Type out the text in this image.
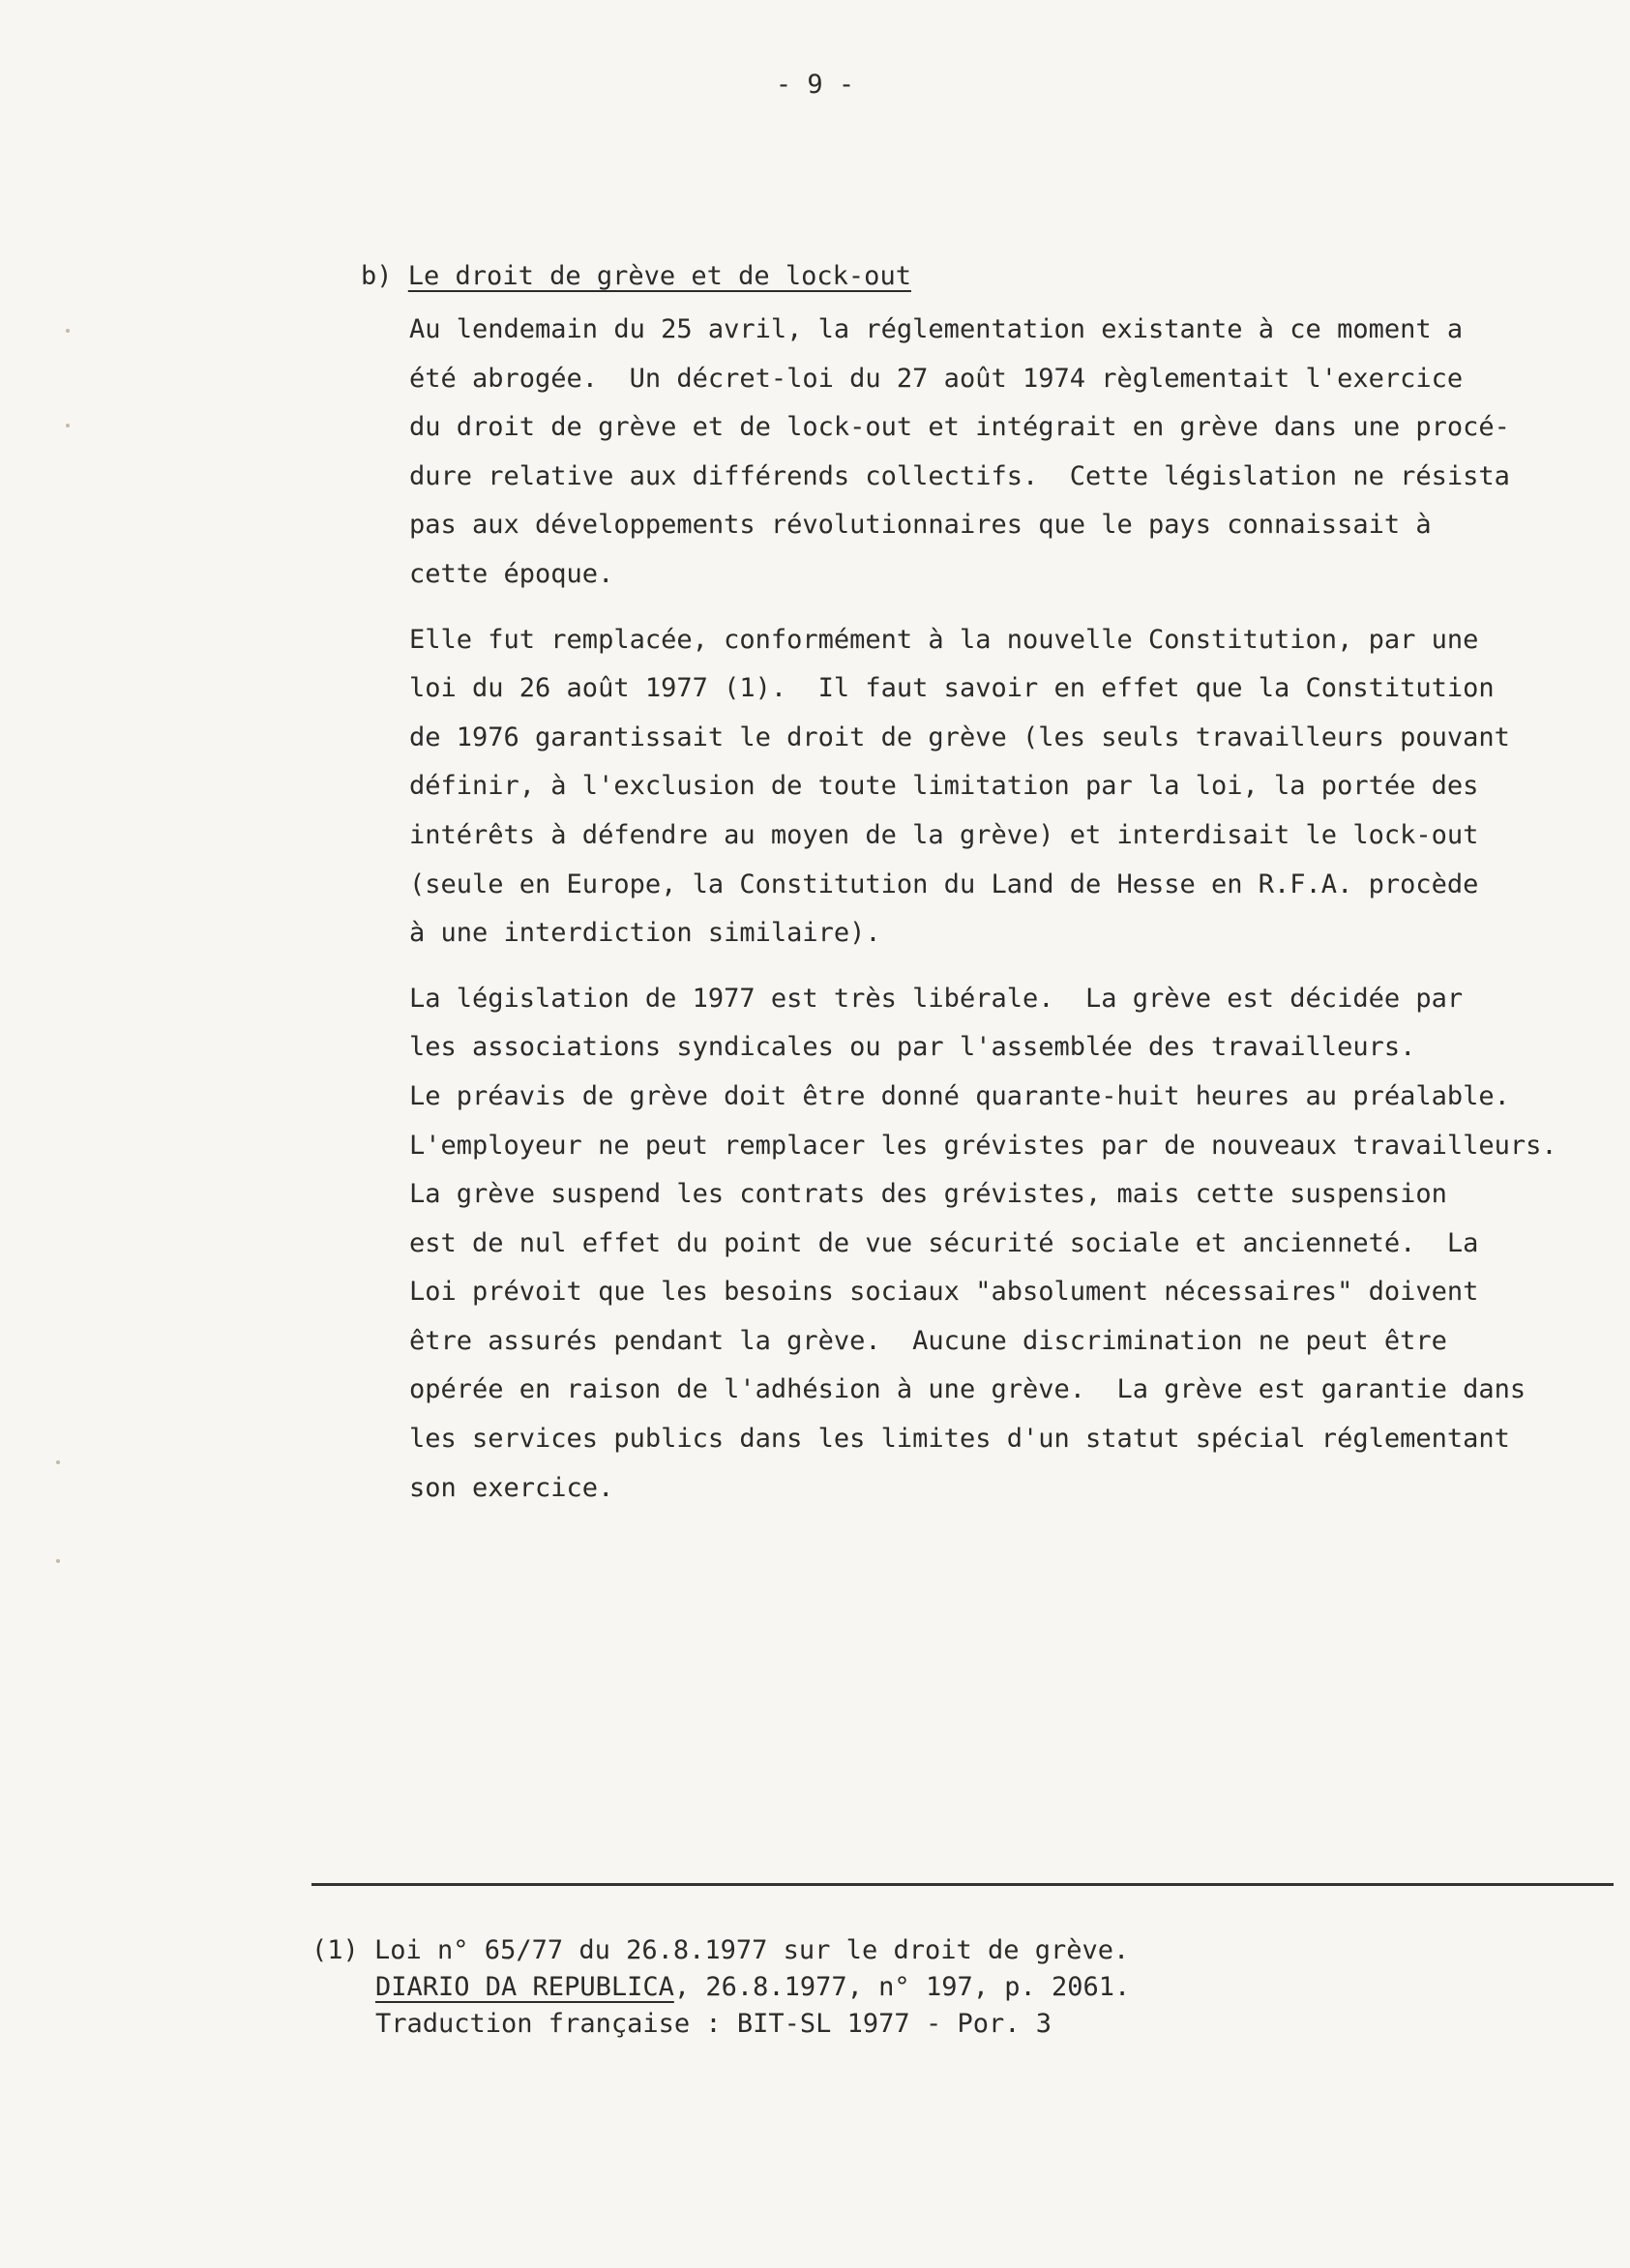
- 9 -
b) Le droit de grève et de lock-out
Au lendemain du 25 avril, la réglementation existante à ce moment a
été abrogée.  Un décret-loi du 27 août 1974 règlementait l'exercice
du droit de grève et de lock-out et intégrait en grève dans une procé-
dure relative aux différends collectifs.  Cette législation ne résista
pas aux développements révolutionnaires que le pays connaissait à
cette époque.
Elle fut remplacée, conformément à la nouvelle Constitution, par une
loi du 26 août 1977 (1).  Il faut savoir en effet que la Constitution
de 1976 garantissait le droit de grève (les seuls travailleurs pouvant
définir, à l'exclusion de toute limitation par la loi, la portée des
intérêts à défendre au moyen de la grève) et interdisait le lock-out
(seule en Europe, la Constitution du Land de Hesse en R.F.A. procède
à une interdiction similaire).
La législation de 1977 est très libérale.  La grève est décidée par
les associations syndicales ou par l'assemblée des travailleurs.
Le préavis de grève doit être donné quarante-huit heures au préalable.
L'employeur ne peut remplacer les grévistes par de nouveaux travailleurs.
La grève suspend les contrats des grévistes, mais cette suspension
est de nul effet du point de vue sécurité sociale et ancienneté.  La
Loi prévoit que les besoins sociaux "absolument nécessaires" doivent
être assurés pendant la grève.  Aucune discrimination ne peut être
opérée en raison de l'adhésion à une grève.  La grève est garantie dans
les services publics dans les limites d'un statut spécial réglementant
son exercice.
(1) Loi n° 65/77 du 26.8.1977 sur le droit de grève.
DIARIO DA REPUBLICA, 26.8.1977, n° 197, p. 2061.
Traduction française : BIT-SL 1977 - Por. 3
